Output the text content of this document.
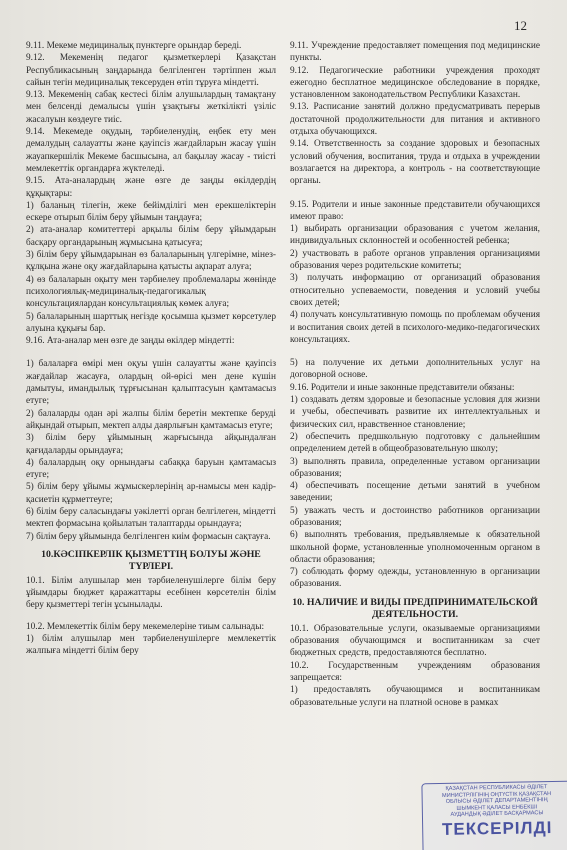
12

9.11. Мекеме медициналық пунктерге орындар береді.

9.12. Мекеменің педагог қызметкерлері Қазақстан Республикасының заңдарында белгіленген тәртіппен жыл сайын тегін медициналық тексеруден өтіп тұруға міндетті.

9.13. Мекеменің сабақ кестесі білім алушылардың тамақтану мен белсенді демалысы үшін ұзақтығы жеткілікті үзіліс жасалуын көздеуге тиіс.

9.14. Мекемеде оқудың, тәрбиеленудің, еңбек ету мен демалудың салауатты және қауіпсіз жағдайларын жасау үшін жауапкершілік Мекеме басшысына, ал бақылау жасау - тиісті мемлекеттік органдарға жүктеледі.

9.15. Ата-аналардың және өзге де заңды өкілдердің құқықтары:

1) баланың тілегін, жеке бейімділігі мен ерекшеліктерін ескере отырып білім беру ұйымын таңдауға;

2) ата-аналар комитеттері арқылы білім беру ұйымдарын басқару органдарының жұмысына қатысуға;

3) білім беру ұйымдарынан өз балаларының үлгерімне, мінез-құлқына және оқу жағдайларына қатысты ақпарат алуға;

4) өз балаларын оқыту мен тәрбиелеу проблемалары жөнінде психологиялық-медициналық-педагогикалық консультациялардан консультациялық көмек алуға;

5) балаларының шарттық негізде қосымша қызмет көрсетулер алуына құқығы бар.

9.16. Ата-аналар мен өзге де заңды өкілдер міндетті:

1) балаларға өмірі мен оқуы үшін салауатты және қауіпсіз жағдайлар жасауға, олардың ой-өрісі мен дене күшін дамытуы, имандылық тұрғысынан қалыптасуын қамтамасыз етуге;

2) балаларды одан әрі жалпы білім беретін мектепке беруді айқындай отырып, мектеп алды даярлығын қамтамасыз етуге;

3) білім беру ұйымының жарғысында айқындалған қағидаларды орындауға;

4) балалардың оқу орнындағы сабаққа баруын қамтамасыз етуге;

5) білім беру ұйымы жұмыскерлерінің ар-намысы мен кадір-қасиетін құрметтеуге;

6) білім беру саласындағы уәкілетті орган белгілеген, міндетті мектеп формасына қойылатын талаптарды орындауға;

7) білім беру ұйымында белгіленген киім формасын сақтауға.

10.КӘСІПКЕРЛІК ҚЫЗМЕТТІҢ БОЛУЫ ЖӘНЕ ТҮРЛЕРІ.

10.1. Білім алушылар мен тәрбиеленушілерге білім беру ұйымдары бюджет қаражаттары есебінен көрсетелін білім беру қызметтері тегін ұсынылады.

10.2. Мемлекеттік білім беру мекемелеріне тиым салынады:

1) білім алушылар мен тәрбиеленушілерге мемлекеттік жалпыға міндетті білім беру

9.11. Учреждение предоставляет помещения под медицинские пункты.

9.12. Педагогические работники учреждения проходят ежегодно бесплатное медицинское обследование в порядке, установленном законодательством Республики Казахстан.

9.13. Расписание занятий должно предусматривать перерыв достаточной продолжительности для питания и активного отдыха обучающихся.

9.14. Ответственность за создание здоровых и безопасных условий обучения, воспитания, труда и отдыха в учреждении возлагается на директора, а контроль - на соответствующие органы.

9.15. Родители и иные законные представители обучающихся имеют право:

1) выбирать организации образования с учетом желания, индивидуальных склонностей и особенностей ребенка;

2) участвовать в работе органов управления организациями образования через родительские комитеты;

3) получать информацию от организаций образования относительно успеваемости, поведения и условий учебы своих детей;

4) получать консультативную помощь по проблемам обучения и воспитания своих детей в психолого-медико-педагогических консультациях.

5) на получение их детьми дополнительных услуг на договорной основе.

9.16. Родители и иные законные представители обязаны:

1) создавать детям здоровые и безопасные условия для жизни и учебы, обеспечивать развитие их интеллектуальных и физических сил, нравственное становление;

2) обеспечить предшкольную подготовку с дальнейшим определением детей в общеобразовательную школу;

3) выполнять правила, определенные уставом организации образования;

4) обеспечивать посещение детьми занятий в учебном заведении;

5) уважать честь и достоинство работников организации образования;

6) выполнять требования, предъявляемые к обязательной школьной форме, установленные уполномоченным органом в области образования;

7) соблюдать форму одежды, установленную в организации образования.

10. НАЛИЧИЕ И ВИДЫ ПРЕДПРИНИМАТЕЛЬСКОЙ ДЕЯТЕЛЬНОСТИ.

10.1. Образовательные услуги, оказываемые организациями образования обучающимся и воспитанникам за счет бюджетных средств, предоставляются бесплатно.

10.2. Государственным учреждениям образования запрещается:

1) предоставлять обучающимся и воспитанникам образовательные услуги на платной основе в рамках

ҚАЗАҚСТАН РЕСПУБЛИКАСЫ ӘДІЛЕТ
МИНИСТРЛІГІНІҢ ОҢТҮСТІК ҚАЗАҚСТАН
ОБЛЫСЫ ӘДІЛЕТ ДЕПАРТАМЕНТІНІҢ
ШЫМКЕНТ ҚАЛАСЫ ЕНБЕКШІ
АУДАНДЫҚ ӘДІЛЕТ БАСҚАРМАСЫ
ТЕКСЕРІЛДІ
